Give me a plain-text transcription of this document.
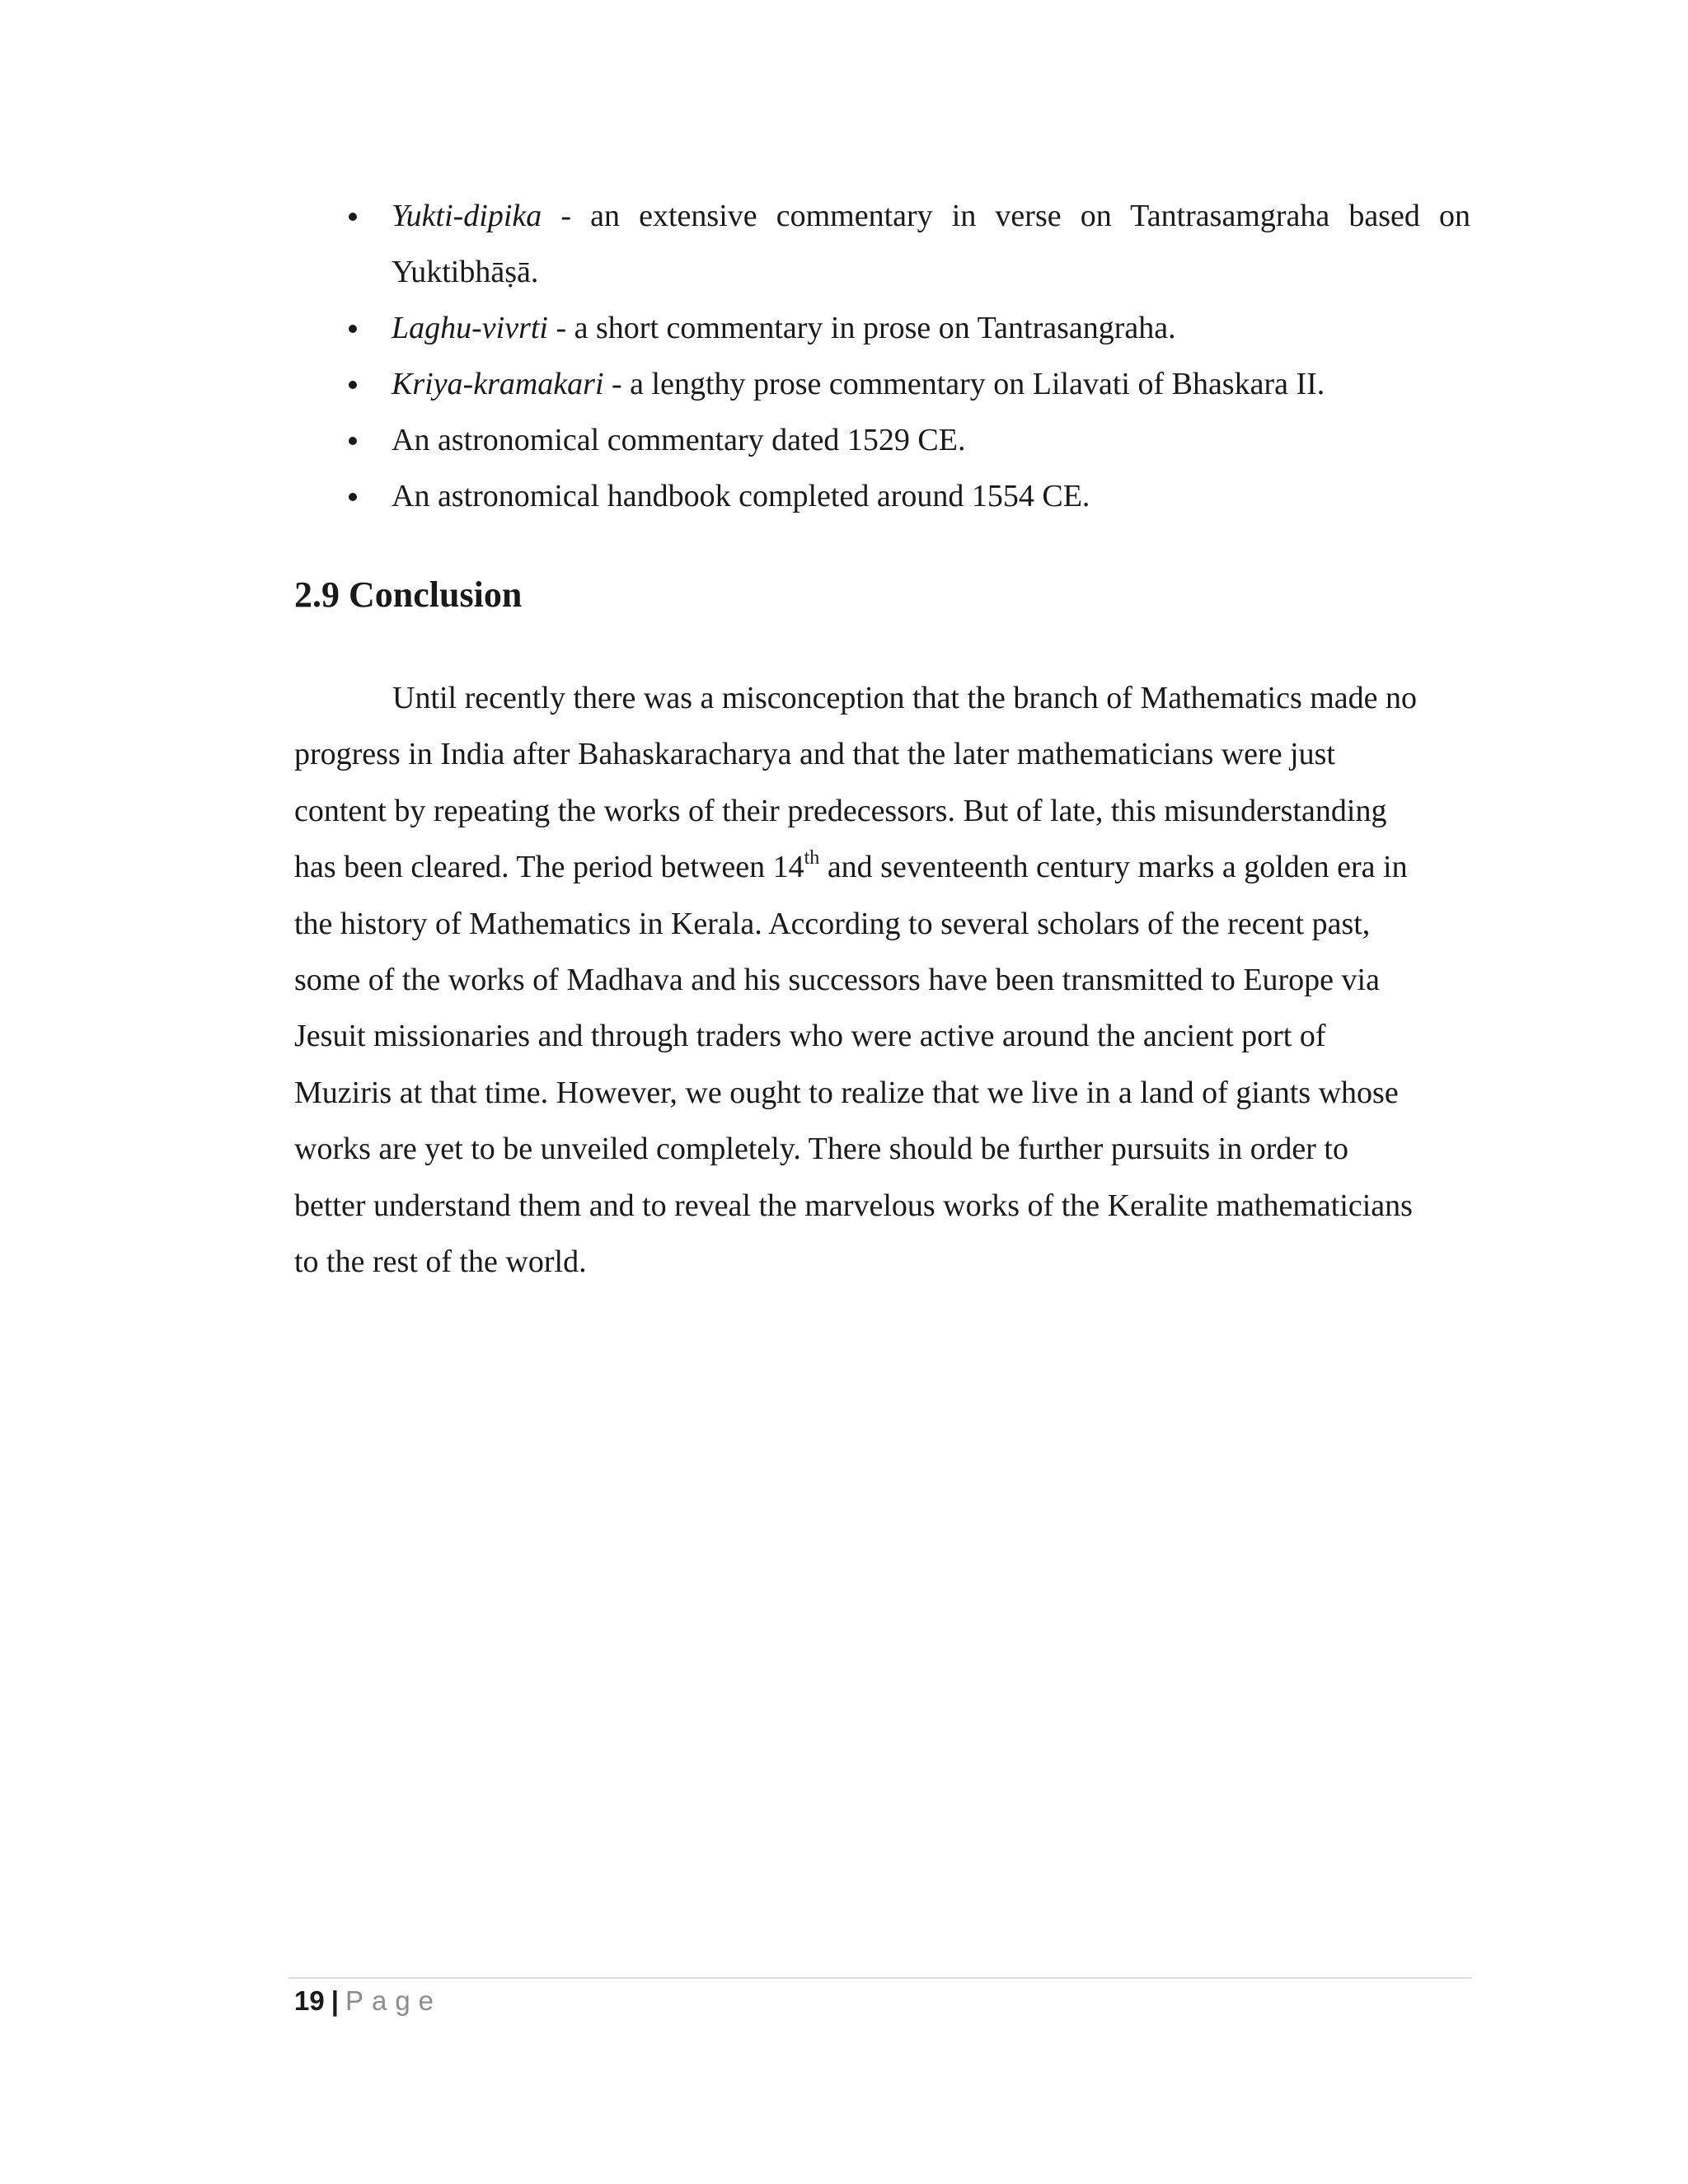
Yukti-dipika - an extensive commentary in verse on Tantrasamgraha based on
Yuktibhāṣā.
Laghu-vivrti - a short commentary in prose on Tantrasangraha.
Kriya-kramakari - a lengthy prose commentary on Lilavati of Bhaskara II.
An astronomical commentary dated 1529 CE.
An astronomical handbook completed around 1554 CE.
2.9 Conclusion

Until recently there was a misconception that the branch of Mathematics made no
progress in India after Bahaskaracharya and that the later mathematicians were just
content by repeating the works of their predecessors. But of late, this misunderstanding
has been cleared. The period between 14th and seventeenth century marks a golden era in
the history of Mathematics in Kerala. According to several scholars of the recent past,
some of the works of Madhava and his successors have been transmitted to Europe via
Jesuit missionaries and through traders who were active around the ancient port of
Muziris at that time. However, we ought to realize that we live in a land of giants whose
works are yet to be unveiled completely. There should be further pursuits in order to
better understand them and to reveal the marvelous works of the Keralite mathematicians
to the rest of the world.

19 | Page
